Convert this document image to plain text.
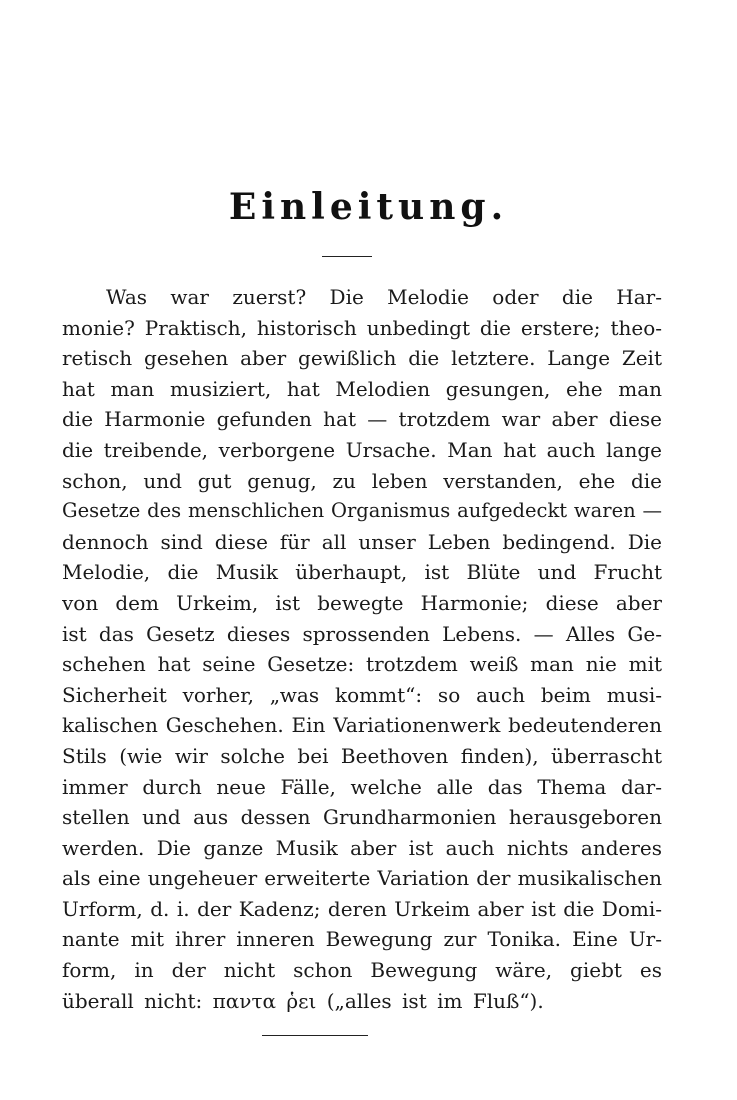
Einleitung.
Was war zuerst? Die Melodie oder die Har-
monie? Praktisch, historisch unbedingt die erstere; theo-
retisch gesehen aber gewißlich die letztere. Lange Zeit
hat man musiziert, hat Melodien gesungen, ehe man
die Harmonie gefunden hat — trotzdem war aber diese
die treibende, verborgene Ursache. Man hat auch lange
schon, und gut genug, zu leben verstanden, ehe die
Gesetze des menschlichen Organismus aufgedeckt waren —
dennoch sind diese für all unser Leben bedingend. Die
Melodie, die Musik überhaupt, ist Blüte und Frucht
von dem Urkeim, ist bewegte Harmonie; diese aber
ist das Gesetz dieses sprossenden Lebens. — Alles Ge-
schehen hat seine Gesetze: trotzdem weiß man nie mit
Sicherheit vorher, „was kommt“: so auch beim musi-
kalischen Geschehen. Ein Variationenwerk bedeutenderen
Stils (wie wir solche bei Beethoven finden), überrascht
immer durch neue Fälle, welche alle das Thema dar-
stellen und aus dessen Grundharmonien herausgeboren
werden. Die ganze Musik aber ist auch nichts anderes
als eine ungeheuer erweiterte Variation der musikalischen
Urform, d. i. der Kadenz; deren Urkeim aber ist die Domi-
nante mit ihrer inneren Bewegung zur Tonika. Eine Ur-
form, in der nicht schon Bewegung wäre, giebt es
überall nicht: παντα ῥει („alles ist im Fluß“).
